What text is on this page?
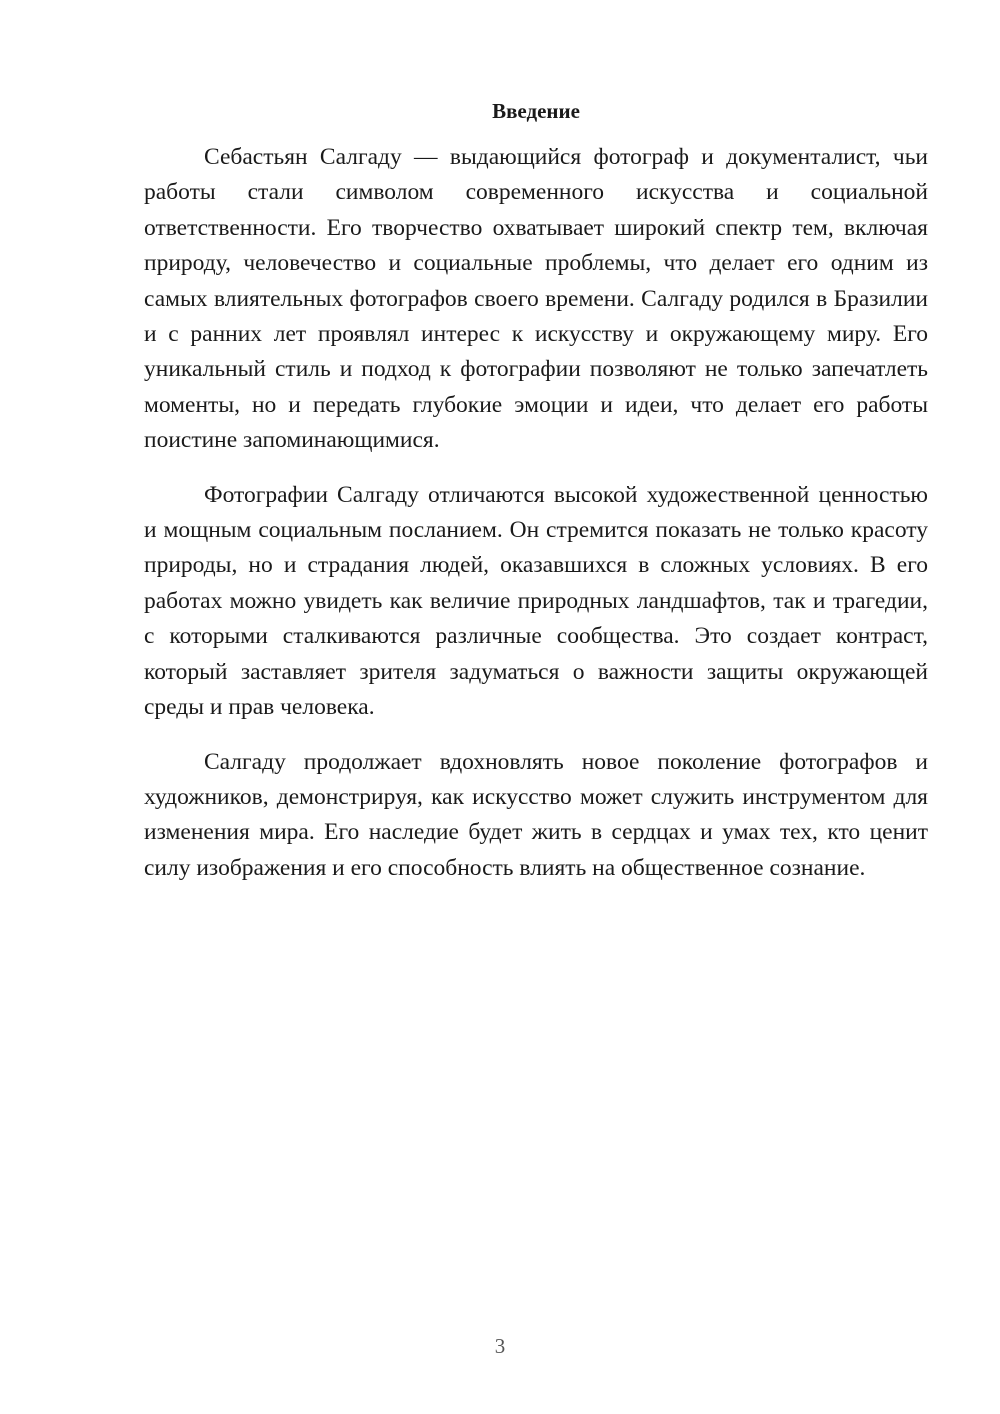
Введение

Себастьян Салгаду — выдающийся фотограф и документалист, чьи работы стали символом современного искусства и социальной ответственности. Его творчество охватывает широкий спектр тем, включая природу, человечество и социальные проблемы, что делает его одним из самых влиятельных фотографов своего времени. Салгаду родился в Бразилии и с ранних лет проявлял интерес к искусству и окружающему миру. Его уникальный стиль и подход к фотографии позволяют не только запечатлеть моменты, но и передать глубокие эмоции и идеи, что делает его работы поистине запоминающимися.

Фотографии Салгаду отличаются высокой художественной ценностью и мощным социальным посланием. Он стремится показать не только красоту природы, но и страдания людей, оказавшихся в сложных условиях. В его работах можно увидеть как величие природных ландшафтов, так и трагедии, с которыми сталкиваются различные сообщества. Это создает контраст, который заставляет зрителя задуматься о важности защиты окружающей среды и прав человека.

Салгаду продолжает вдохновлять новое поколение фотографов и художников, демонстрируя, как искусство может служить инструментом для изменения мира. Его наследие будет жить в сердцах и умах тех, кто ценит силу изображения и его способность влиять на общественное сознание.

3
